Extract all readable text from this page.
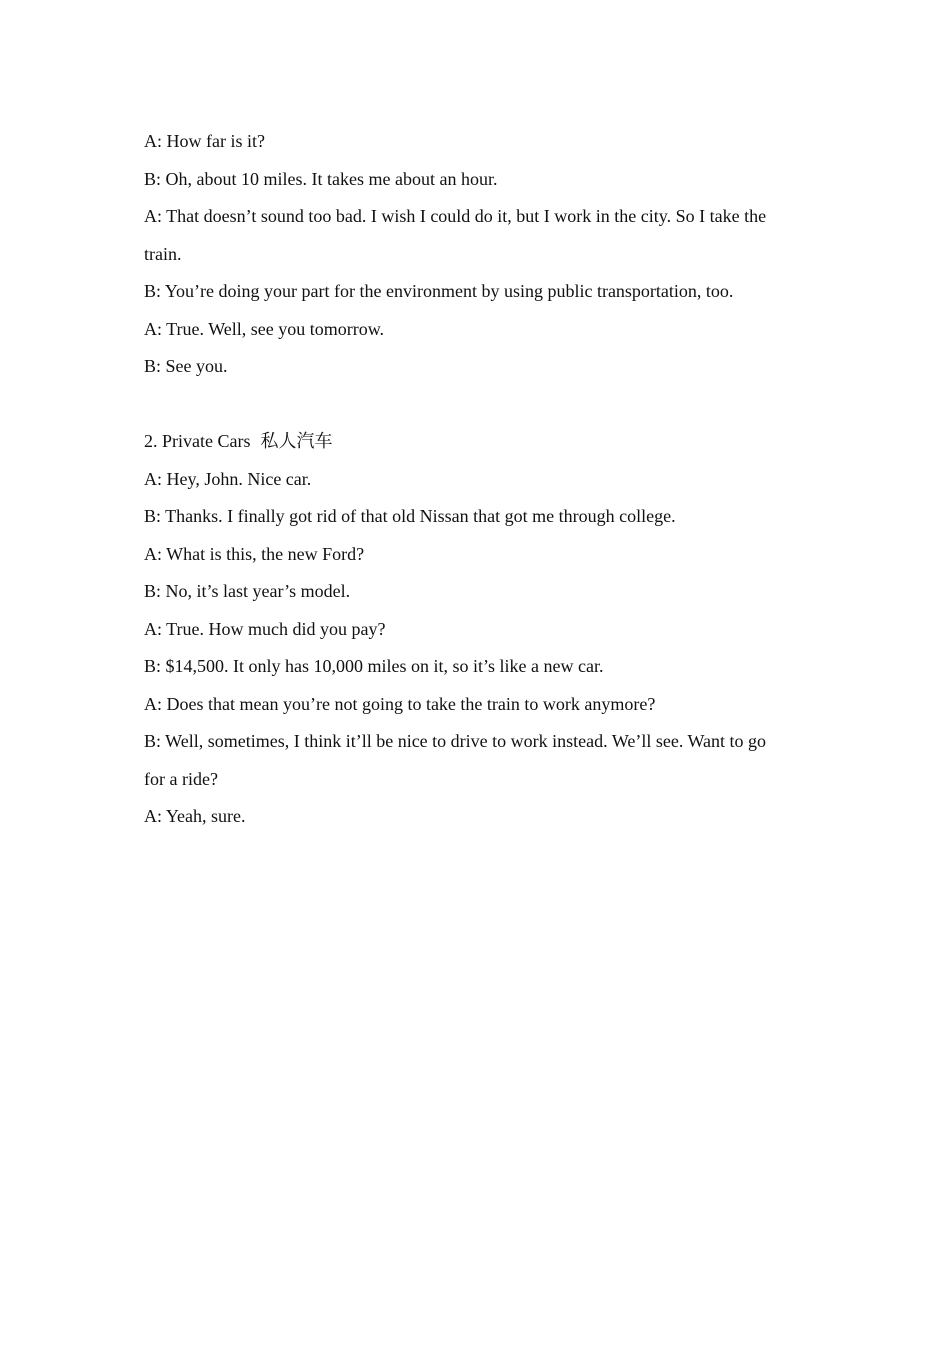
A: How far is it?

B: Oh, about 10 miles. It takes me about an hour.

A: That doesn’t sound too bad. I wish I could do it, but I work in the city. So I take the

train.

B: You’re doing your part for the environment by using public transportation, too.

A: True. Well, see you tomorrow.

B: See you.

2. Private Cars 私人汽车

A: Hey, John. Nice car.

B: Thanks. I finally got rid of that old Nissan that got me through college.

A: What is this, the new Ford?

B: No, it’s last year’s model.

A: True. How much did you pay?

B: $14,500. It only has 10,000 miles on it, so it’s like a new car.

A: Does that mean you’re not going to take the train to work anymore?

B: Well, sometimes, I think it’ll be nice to drive to work instead. We’ll see. Want to go

for a ride?

A: Yeah, sure.
